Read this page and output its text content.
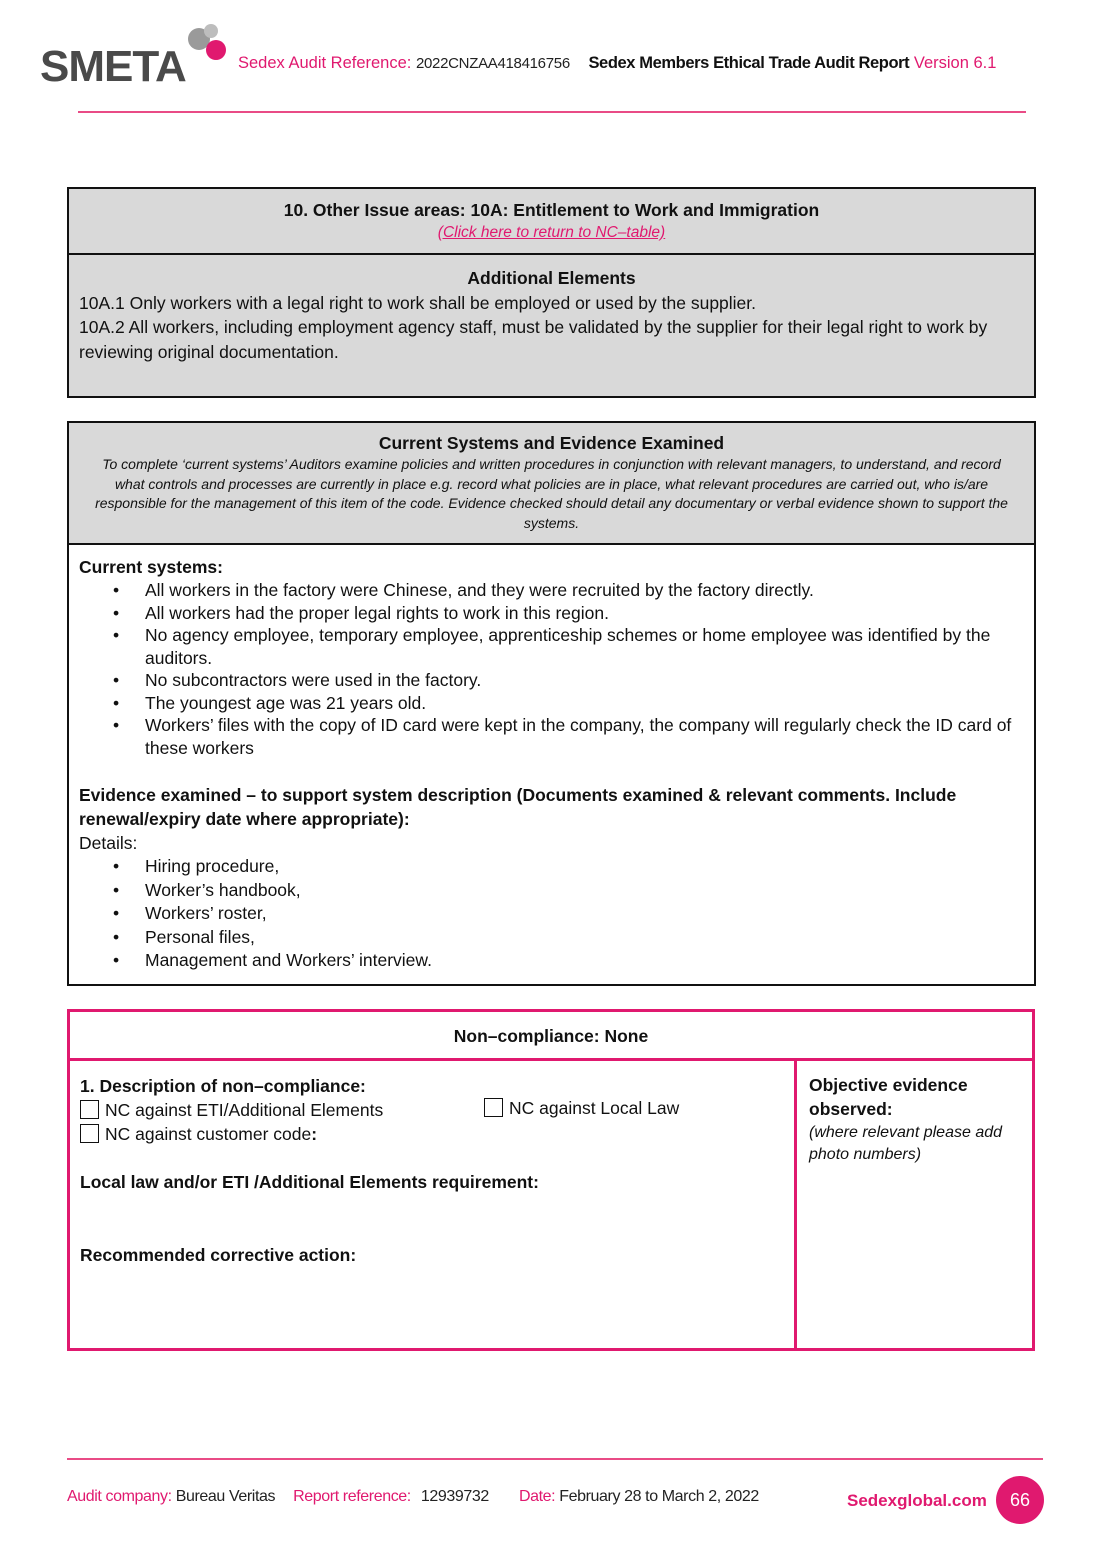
SMETA	Sedex Audit Reference: 2022CNZAA418416756 Sedex Members Ethical Trade Audit Report Version 6.1
10. Other Issue areas: 10A: Entitlement to Work and Immigration
(Click here to return to NC–table)
Additional Elements
10A.1 Only workers with a legal right to work shall be employed or used by the supplier.
10A.2 All workers, including employment agency staff, must be validated by the supplier for their legal right to work by reviewing original documentation.
Current Systems and Evidence Examined
To complete ‘current systems’ Auditors examine policies and written procedures in conjunction with relevant managers, to understand, and record what controls and processes are currently in place e.g. record what policies are in place, what relevant procedures are carried out, who is/are responsible for the management of this item of the code. Evidence checked should detail any documentary or verbal evidence shown to support the systems.
Current systems:
• All workers in the factory were Chinese, and they were recruited by the factory directly.
• All workers had the proper legal rights to work in this region.
• No agency employee, temporary employee, apprenticeship schemes or home employee was identified by the auditors.
• No subcontractors were used in the factory.
• The youngest age was 21 years old.
• Workers’ files with the copy of ID card were kept in the company, the company will regularly check the ID card of these workers
Evidence examined – to support system description (Documents examined & relevant comments. Include renewal/expiry date where appropriate):
Details:
• Hiring procedure,
• Worker’s handbook,
• Workers’ roster,
• Personal files,
• Management and Workers’ interview.
Non–compliance: None
1. Description of non–compliance:
NC against ETI/Additional Elements
NC against customer code:
NC against Local Law
Local law and/or ETI /Additional Elements requirement:
Recommended corrective action:
Objective evidence observed:
(where relevant please add photo numbers)
Audit company: Bureau Veritas Report reference: 12939732 Date: February 28 to March 2, 2022	Sedexglobal.com	66
